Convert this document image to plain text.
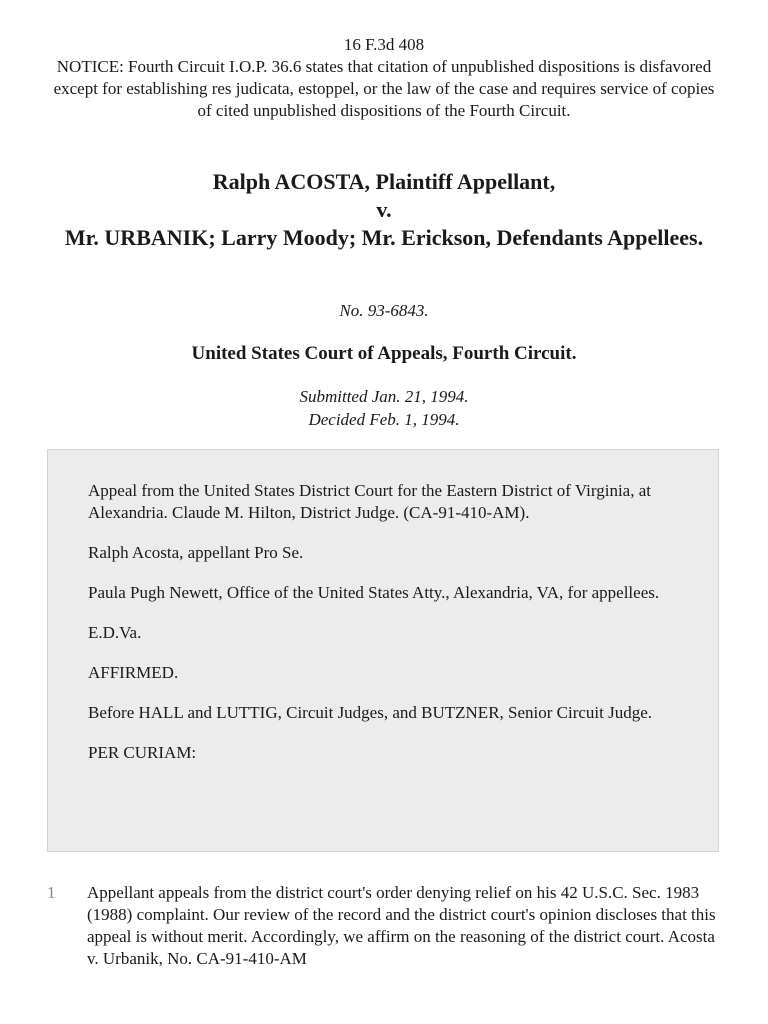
16 F.3d 408
NOTICE: Fourth Circuit I.O.P. 36.6 states that citation of unpublished dispositions is disfavored except for establishing res judicata, estoppel, or the law of the case and requires service of copies of cited unpublished dispositions of the Fourth Circuit.
Ralph ACOSTA, Plaintiff Appellant,
v.
Mr. URBANIK; Larry Moody; Mr. Erickson, Defendants Appellees.
No. 93-6843.
United States Court of Appeals, Fourth Circuit.
Submitted Jan. 21, 1994.
Decided Feb. 1, 1994.

Appeal from the United States District Court for the Eastern District of Virginia, at Alexandria. Claude M. Hilton, District Judge. (CA-91-410-AM).

Ralph Acosta, appellant Pro Se.

Paula Pugh Newett, Office of the United States Atty., Alexandria, VA, for appellees.

E.D.Va.

AFFIRMED.

Before HALL and LUTTIG, Circuit Judges, and BUTZNER, Senior Circuit Judge.

PER CURIAM:

1 Appellant appeals from the district court's order denying relief on his 42 U.S.C. Sec. 1983 (1988) complaint. Our review of the record and the district court's opinion discloses that this appeal is without merit. Accordingly, we affirm on the reasoning of the district court. Acosta v. Urbanik, No. CA-91-410-AM
